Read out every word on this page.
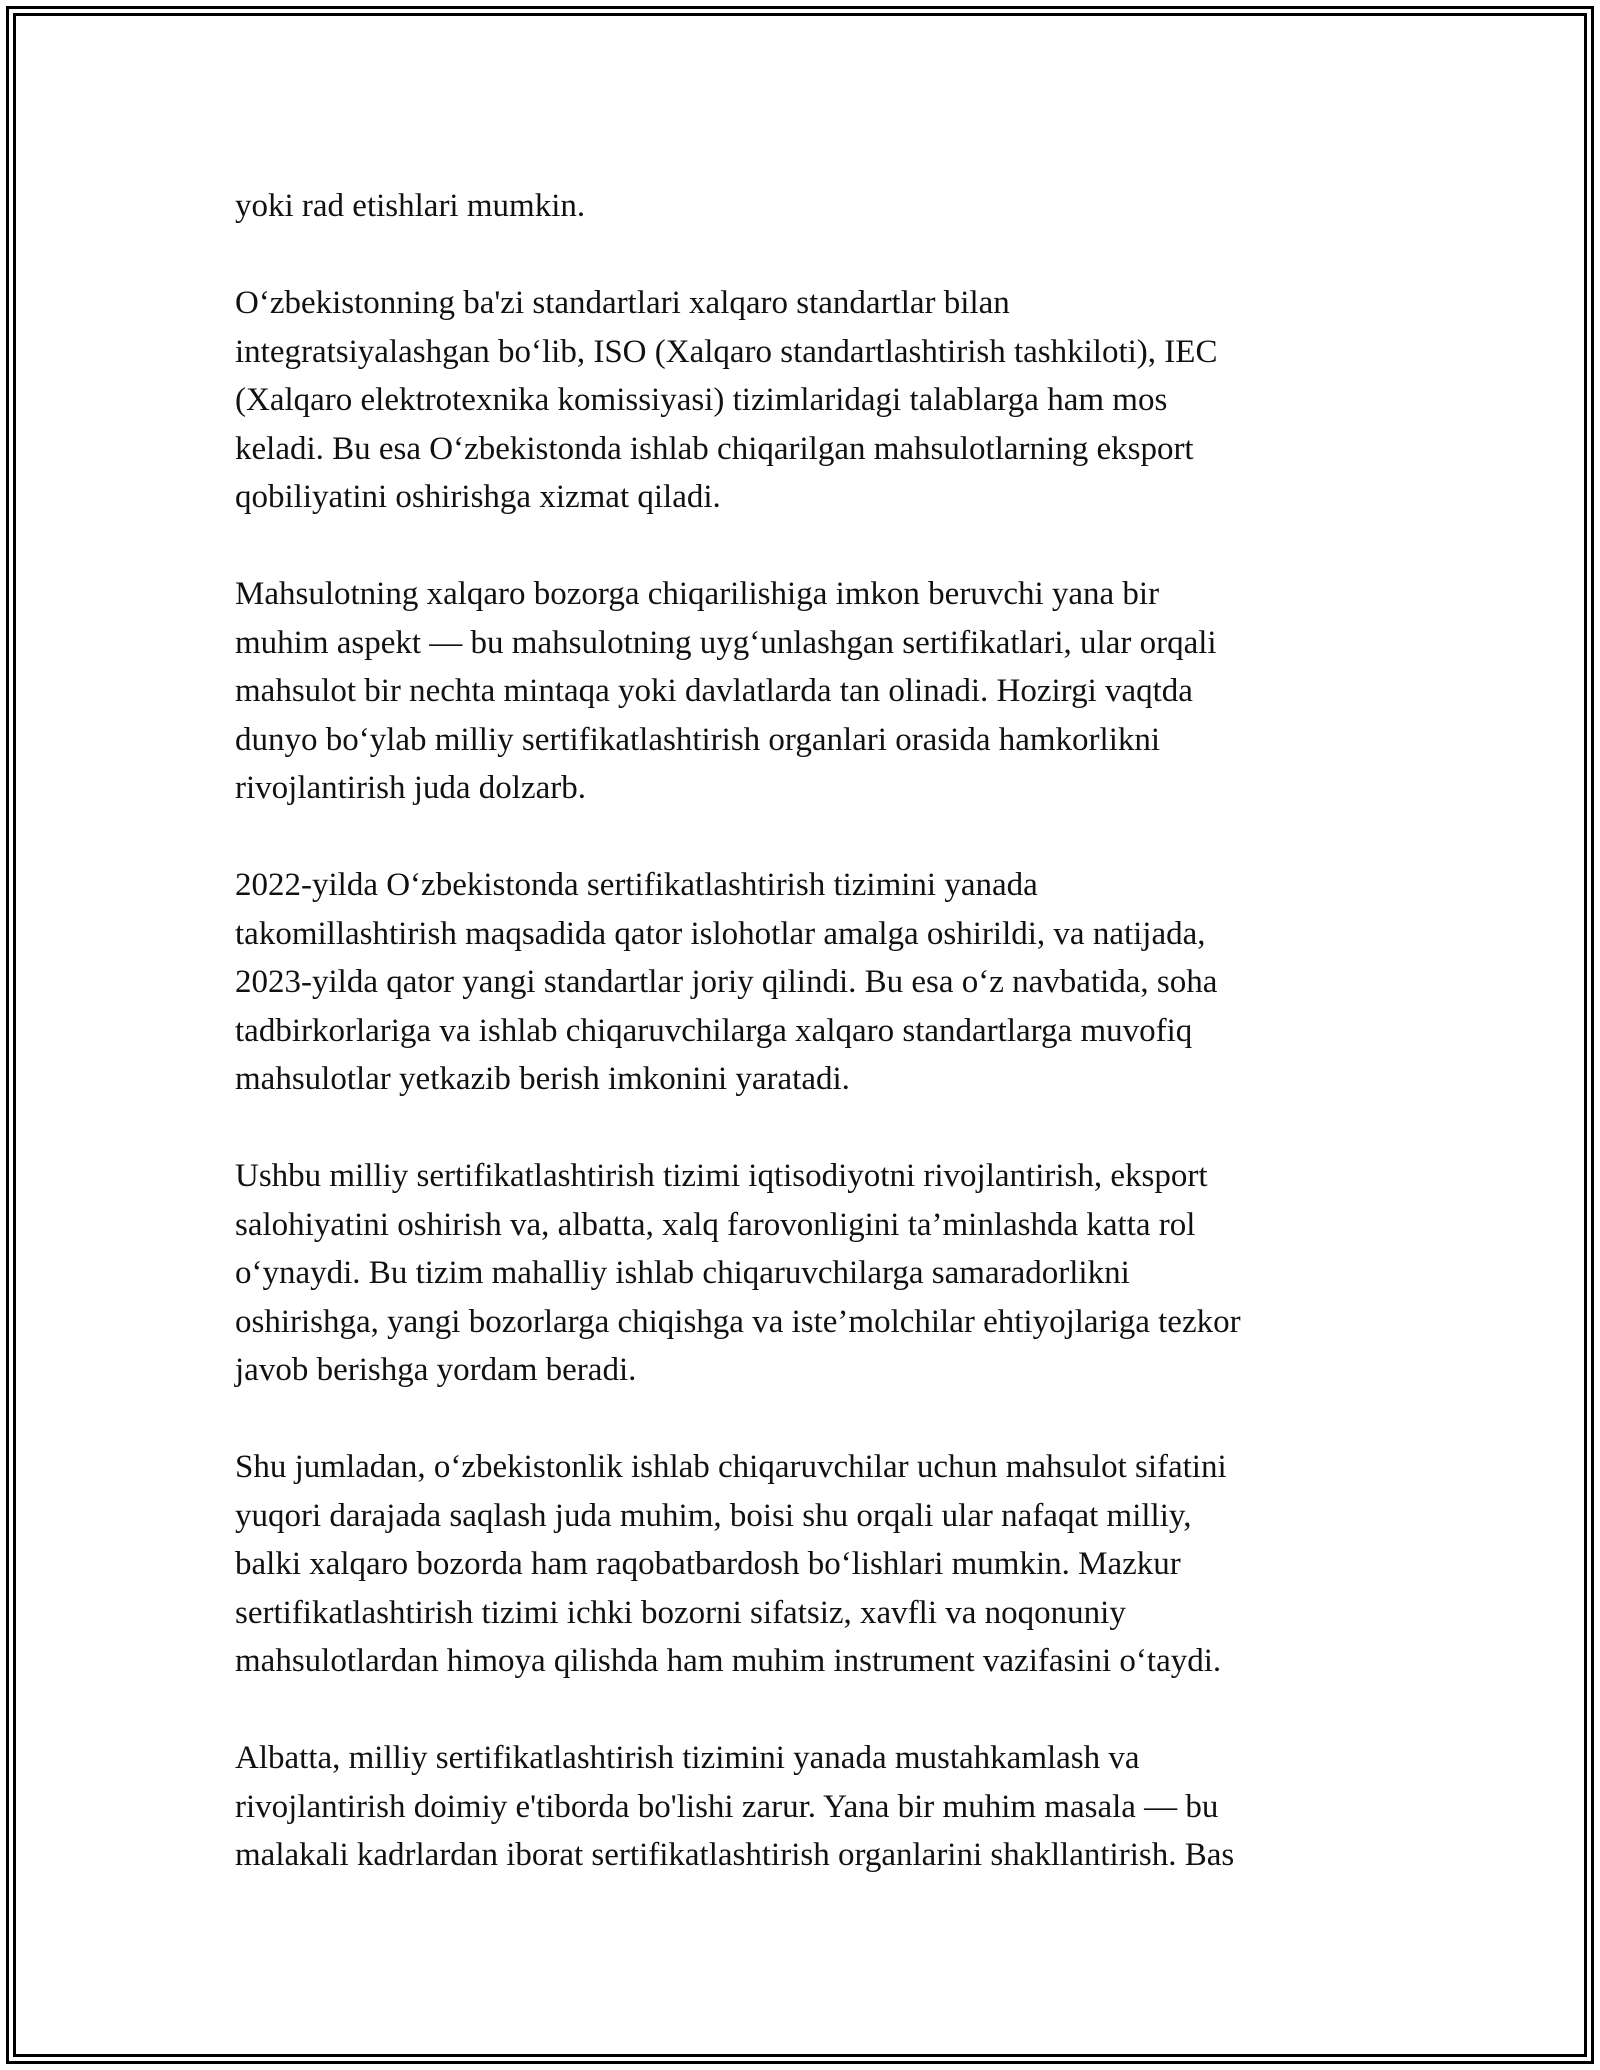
yoki rad etishlari mumkin.

O‘zbekistonning ba'zi standartlari xalqaro standartlar bilan
integratsiyalashgan bo‘lib, ISO (Xalqaro standartlashtirish tashkiloti), IEC
(Xalqaro elektrotexnika komissiyasi) tizimlaridagi talablarga ham mos
keladi. Bu esa O‘zbekistonda ishlab chiqarilgan mahsulotlarning eksport
qobiliyatini oshirishga xizmat qiladi.

Mahsulotning xalqaro bozorga chiqarilishiga imkon beruvchi yana bir
muhim aspekt — bu mahsulotning uyg‘unlashgan sertifikatlari, ular orqali
mahsulot bir nechta mintaqa yoki davlatlarda tan olinadi. Hozirgi vaqtda
dunyo bo‘ylab milliy sertifikatlashtirish organlari orasida hamkorlikni
rivojlantirish juda dolzarb.

2022-yilda O‘zbekistonda sertifikatlashtirish tizimini yanada
takomillashtirish maqsadida qator islohotlar amalga oshirildi, va natijada,
2023-yilda qator yangi standartlar joriy qilindi. Bu esa o‘z navbatida, soha
tadbirkorlariga va ishlab chiqaruvchilarga xalqaro standartlarga muvofiq
mahsulotlar yetkazib berish imkonini yaratadi.

Ushbu milliy sertifikatlashtirish tizimi iqtisodiyotni rivojlantirish, eksport
salohiyatini oshirish va, albatta, xalq farovonligini ta’minlashda katta rol
o‘ynaydi. Bu tizim mahalliy ishlab chiqaruvchilarga samaradorlikni
oshirishga, yangi bozorlarga chiqishga va iste’molchilar ehtiyojlariga tezkor
javob berishga yordam beradi.

Shu jumladan, o‘zbekistonlik ishlab chiqaruvchilar uchun mahsulot sifatini
yuqori darajada saqlash juda muhim, boisi shu orqali ular nafaqat milliy,
balki xalqaro bozorda ham raqobatbardosh bo‘lishlari mumkin. Mazkur
sertifikatlashtirish tizimi ichki bozorni sifatsiz, xavfli va noqonuniy
mahsulotlardan himoya qilishda ham muhim instrument vazifasini o‘taydi.

Albatta, milliy sertifikatlashtirish tizimini yanada mustahkamlash va
rivojlantirish doimiy e'tiborda bo'lishi zarur. Yana bir muhim masala — bu
malakali kadrlardan iborat sertifikatlashtirish organlarini shakllantirish. Bas
